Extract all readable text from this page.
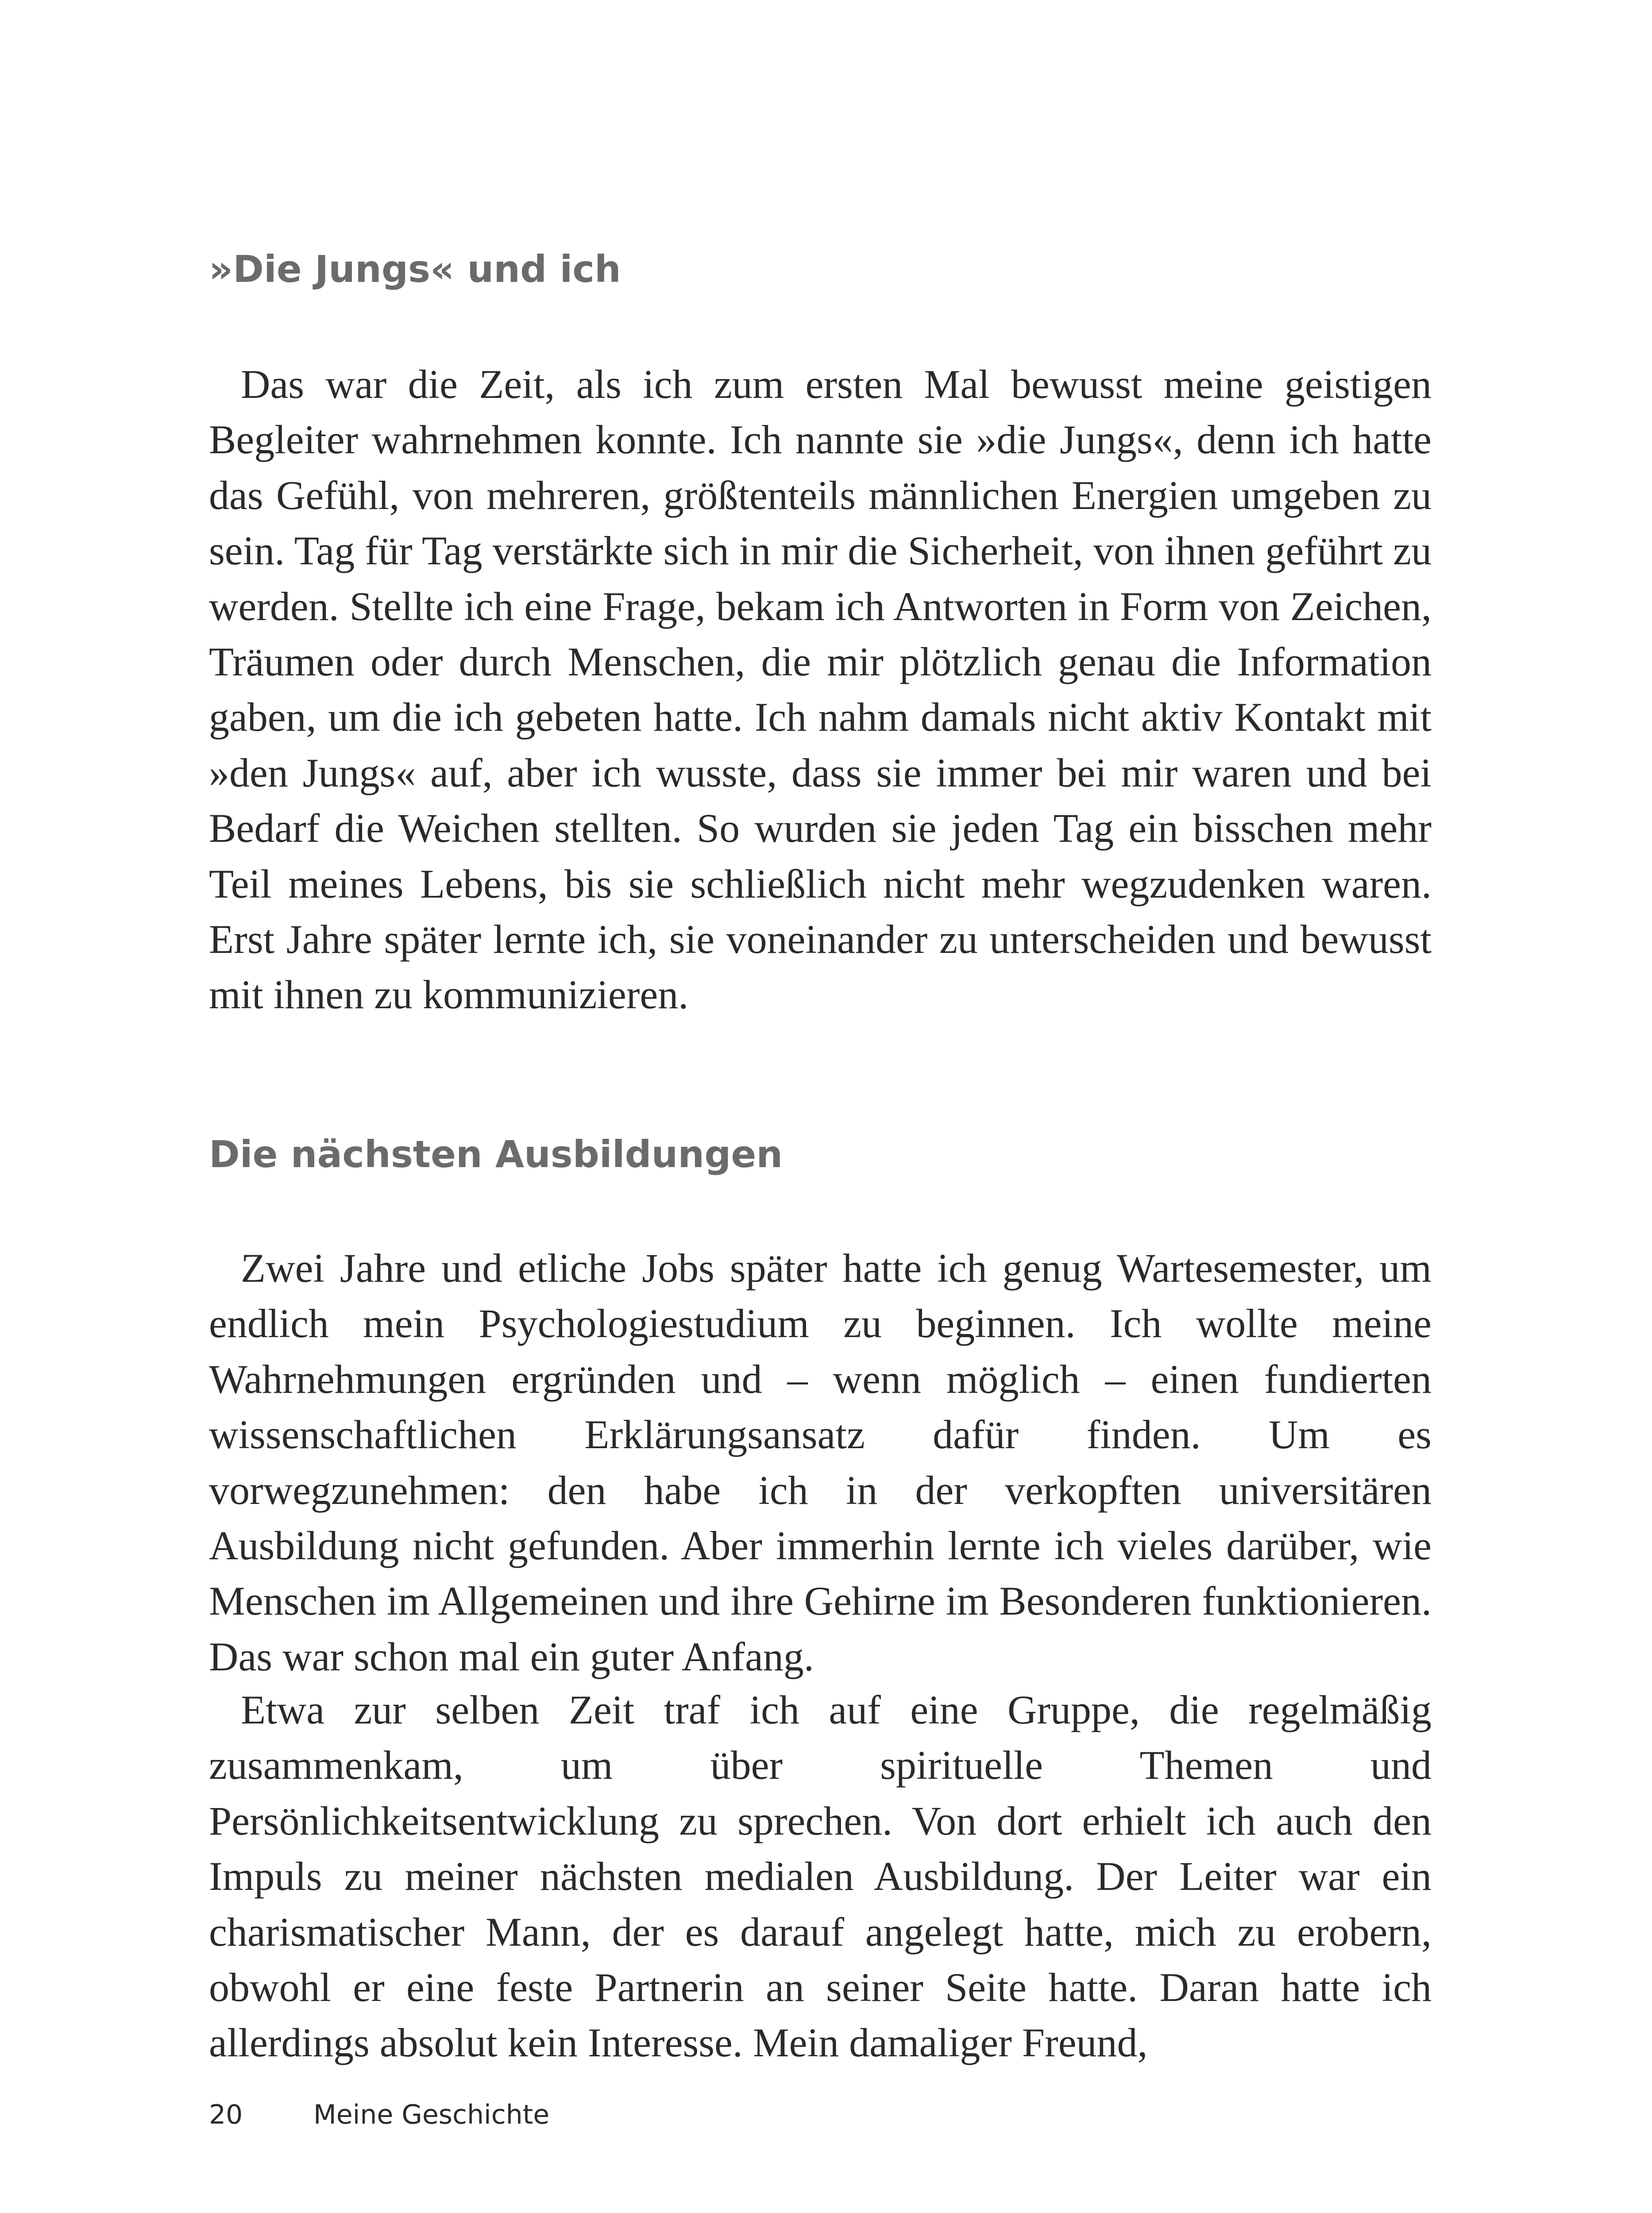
»Die Jungs« und ich

Das war die Zeit, als ich zum ersten Mal bewusst meine geistigen Begleiter wahrnehmen konnte. Ich nannte sie »die Jungs«, denn ich hatte das Gefühl, von mehreren, größtenteils männlichen Energien umgeben zu sein. Tag für Tag verstärkte sich in mir die Sicherheit, von ihnen geführt zu werden. Stellte ich eine Frage, bekam ich Antworten in Form von Zeichen, Träumen oder durch Menschen, die mir plötzlich genau die Information gaben, um die ich gebeten hatte. Ich nahm damals nicht aktiv Kontakt mit »den Jungs« auf, aber ich wusste, dass sie immer bei mir waren und bei Bedarf die Weichen stellten. So wurden sie jeden Tag ein bisschen mehr Teil meines Lebens, bis sie schließlich nicht mehr wegzudenken waren. Erst Jahre später lernte ich, sie voneinander zu unterscheiden und bewusst mit ihnen zu kommunizieren.

Die nächsten Ausbildungen

Zwei Jahre und etliche Jobs später hatte ich genug Wartesemester, um endlich mein Psychologiestudium zu beginnen. Ich wollte meine Wahrnehmungen ergründen und – wenn möglich – einen fundierten wissenschaftlichen Erklärungsansatz dafür finden. Um es vorwegzunehmen: den habe ich in der verkopften universitären Ausbildung nicht gefunden. Aber immerhin lernte ich vieles darüber, wie Menschen im Allgemeinen und ihre Gehirne im Besonderen funktionieren. Das war schon mal ein guter Anfang.

Etwa zur selben Zeit traf ich auf eine Gruppe, die regelmäßig zusammenkam, um über spirituelle Themen und Persönlichkeitsentwicklung zu sprechen. Von dort erhielt ich auch den Impuls zu meiner nächsten medialen Ausbildung. Der Leiter war ein charismatischer Mann, der es darauf angelegt hatte, mich zu erobern, obwohl er eine feste Partnerin an seiner Seite hatte. Daran hatte ich allerdings absolut kein Interesse. Mein damaliger Freund,

20	Meine Geschichte
